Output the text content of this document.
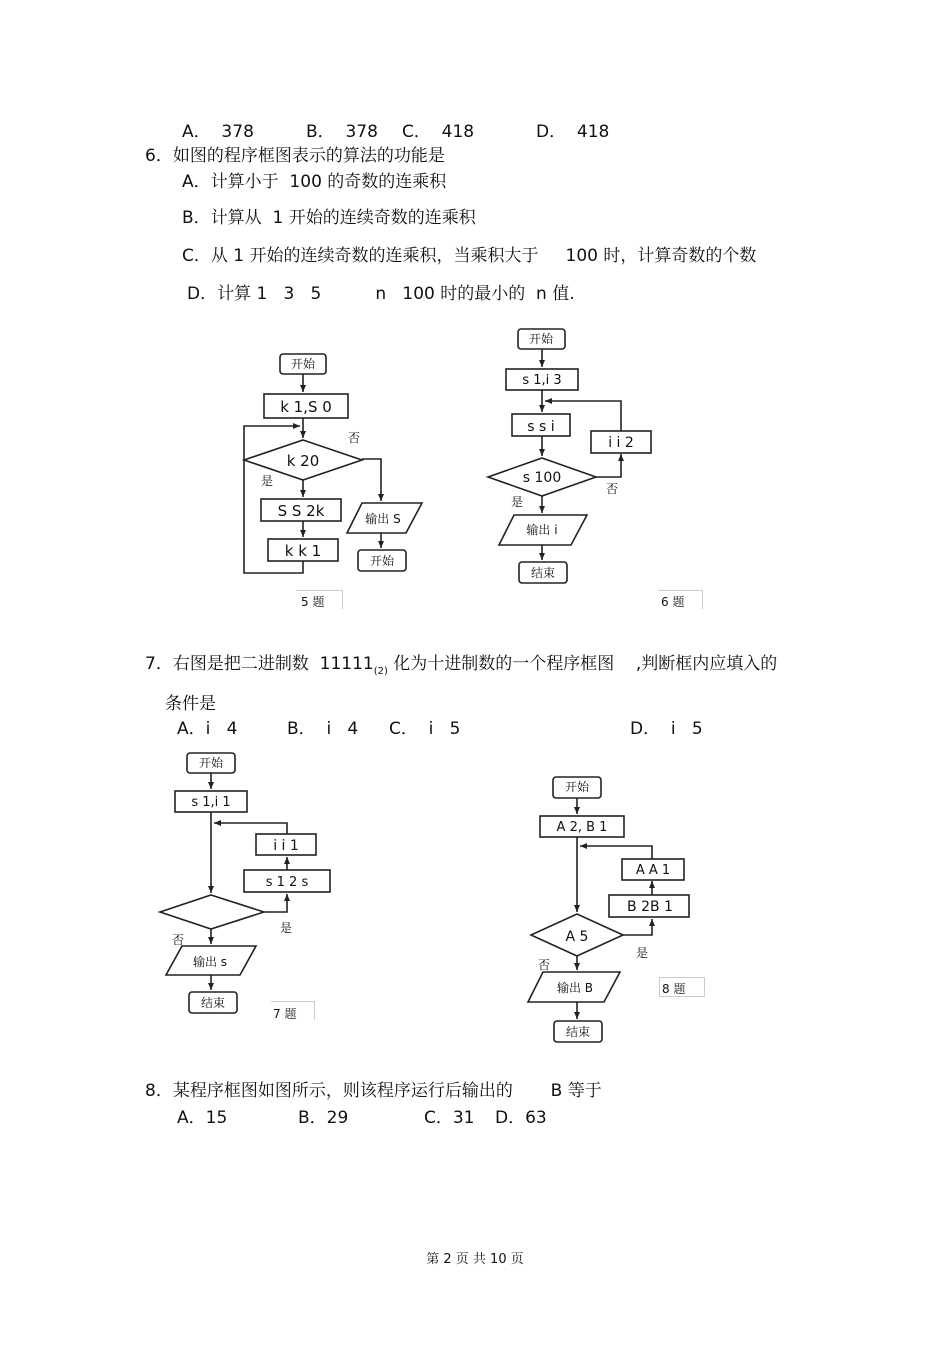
A．  378	B．  378 C．  418	D．  418
6．如图的程序框图表示的算法的功能是
A．计算小于  100 的奇数的连乘积
B．计算从  1 开始的连续奇数的连乘积
C．从 1 开始的连续奇数的连乘积，当乘积大于     100 时，计算奇数的个数
D．计算 1   3   5          n   100 时的最小的  n 值.
开始
k 1,S 0
k 20
否
是
S S 2k
k k 1
输出 S
开始
开始
s 1,i 3
s s i
i i 2
s 100
是
否
输出 i
结束
开始
s 1,i 1
i i 1
s 1 2 s
是
否
输出 s
结束
开始
A 2, B 1
A A 1
B 2B 1
A 5
是
否
输出 B
结束
5 题	6 题
7 题
8 题
7．右图是把二进制数  $11111_{(2)}$ 化为十进制数的一个程序框图    ,判断框内应填入的
条件是
A．i   4	B．  i   4 C．  i   5	D．  i   5
8．某程序框图如图所示，则该程序运行后输出的       B 等于
A．15	B．29	C．31 D．63
第 2 页 共 10 页
